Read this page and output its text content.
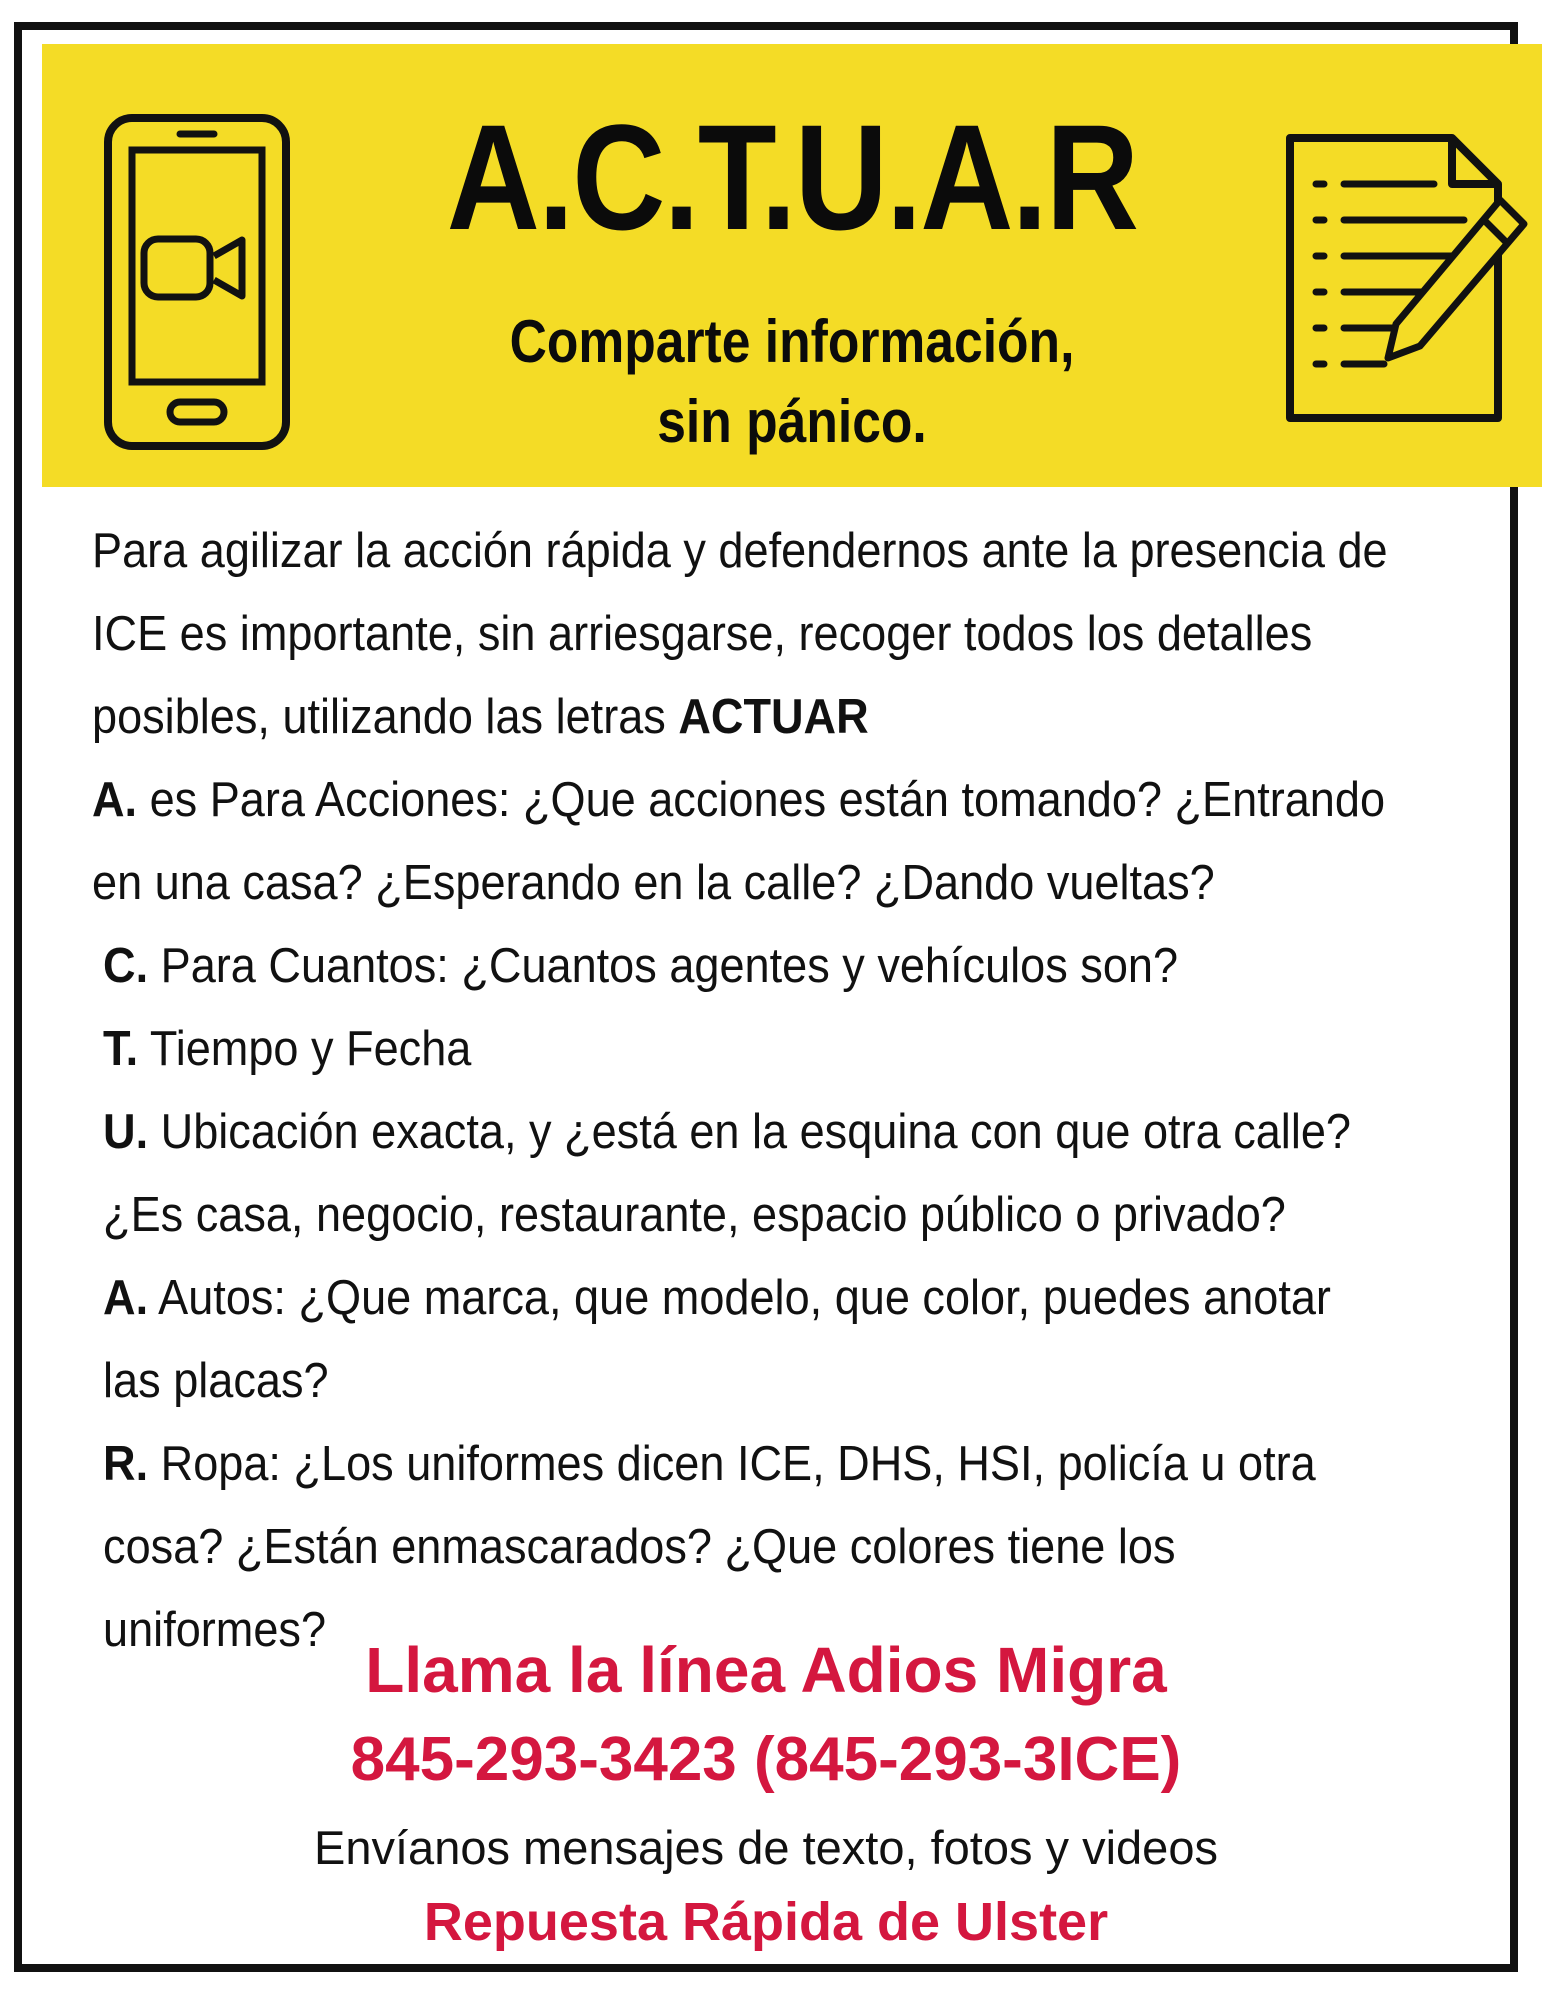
A.C.T.U.A.R
Comparte información,
sin pánico.

Para agilizar la acción rápida y defendernos ante la presencia de ICE es importante, sin arriesgarse, recoger todos los detalles posibles, utilizando las letras ACTUAR

A. es Para Acciones: ¿Que acciones están tomando? ¿Entrando en una casa? ¿Esperando en la calle? ¿Dando vueltas?

C. Para Cuantos: ¿Cuantos agentes y vehículos son?

T. Tiempo y Fecha

U. Ubicación exacta, y ¿está en la esquina con que otra calle? ¿Es casa, negocio, restaurante, espacio público o privado?

A. Autos: ¿Que marca, que modelo, que color, puedes anotar las placas?

R. Ropa: ¿Los uniformes dicen ICE, DHS, HSI, policía u otra cosa? ¿Están enmascarados? ¿Que colores tiene los uniformes?

Llama la línea Adios Migra
845-293-3423 (845-293-3ICE)
Envíanos mensajes de texto, fotos y videos
Repuesta Rápida de Ulster
